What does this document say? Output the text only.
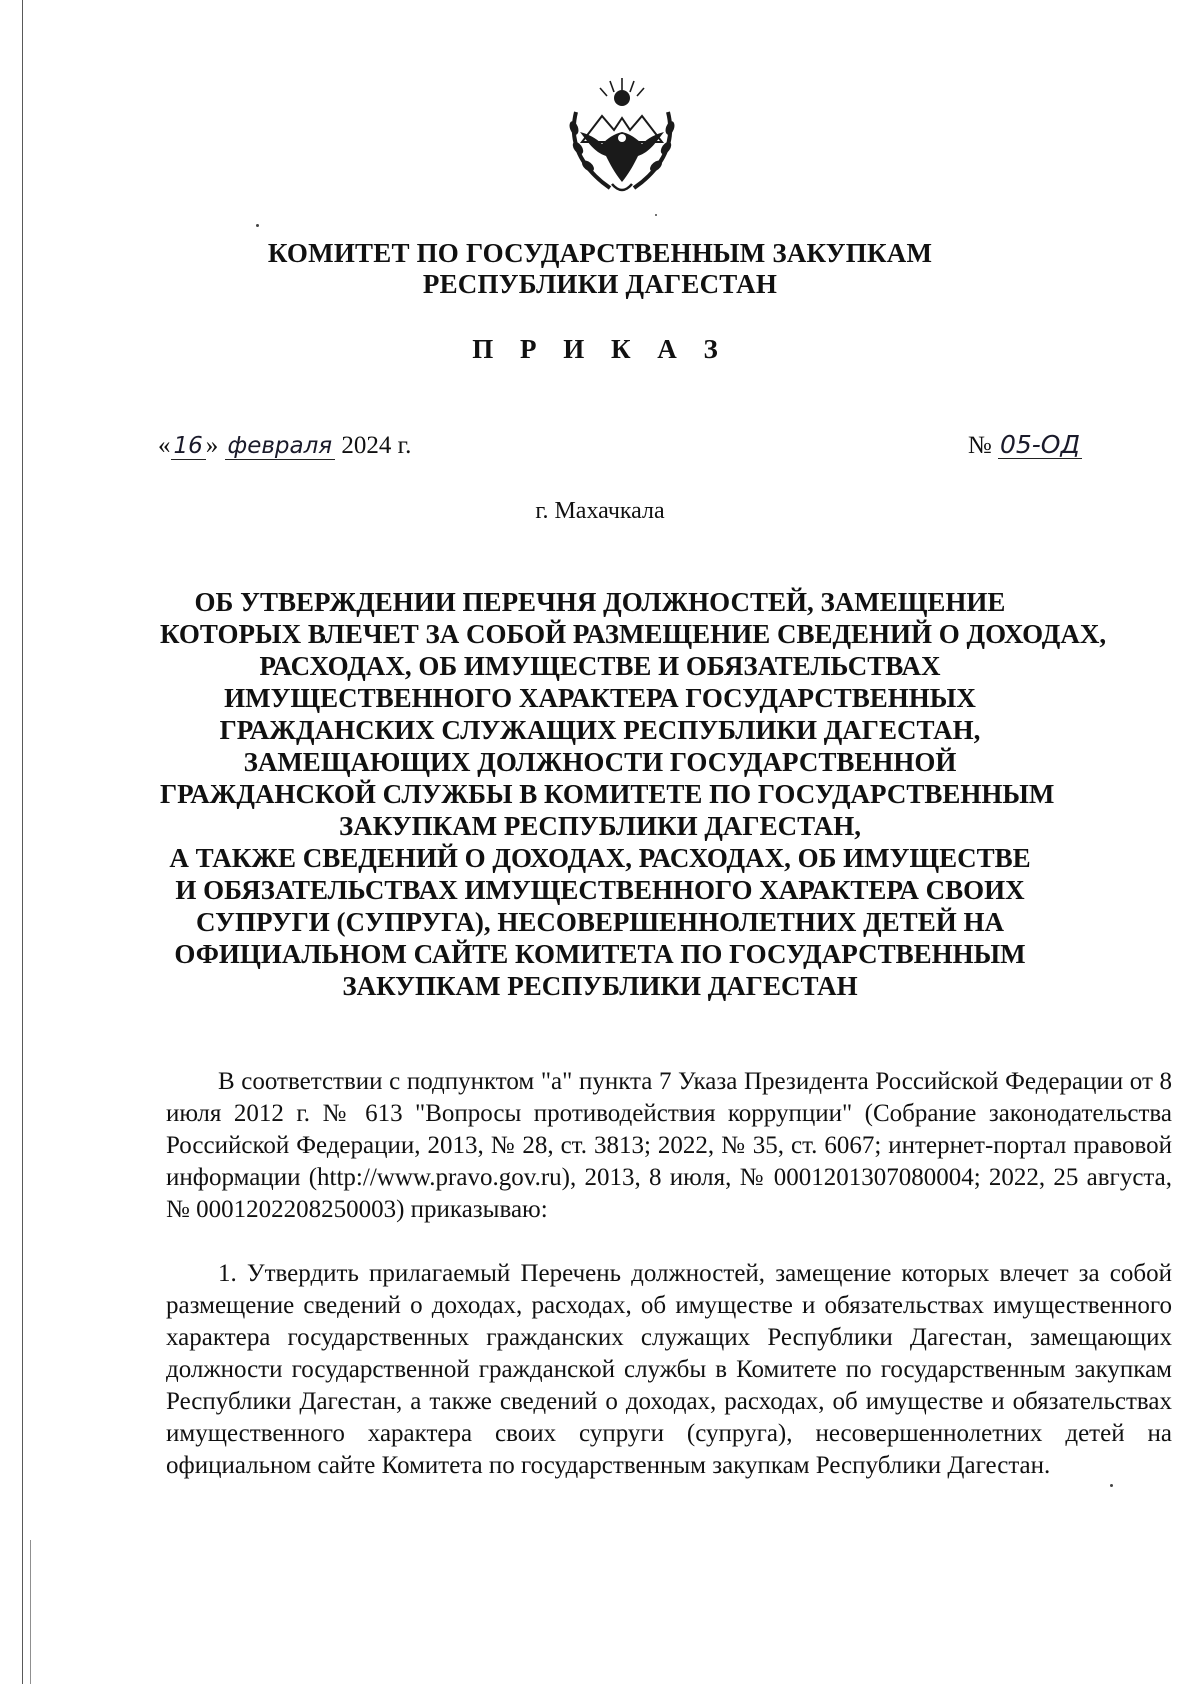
КОМИТЕТ ПО ГОСУДАРСТВЕННЫМ ЗАКУПКАМ
РЕСПУБЛИКИ ДАГЕСТАН
П Р И К А З
« 16 » февраля 2024 г.	№ 05-ОД
г. Махачкала
ОБ УТВЕРЖДЕНИИ ПЕРЕЧНЯ ДОЛЖНОСТЕЙ, ЗАМЕЩЕНИЕ
КОТОРЫХ ВЛЕЧЕТ ЗА СОБОЙ РАЗМЕЩЕНИЕ СВЕДЕНИЙ О ДОХОДАХ,
РАСХОДАХ, ОБ ИМУЩЕСТВЕ И ОБЯЗАТЕЛЬСТВАХ
ИМУЩЕСТВЕННОГО ХАРАКТЕРА ГОСУДАРСТВЕННЫХ
ГРАЖДАНСКИХ СЛУЖАЩИХ РЕСПУБЛИКИ ДАГЕСТАН,
ЗАМЕЩАЮЩИХ ДОЛЖНОСТИ ГОСУДАРСТВЕННОЙ
ГРАЖДАНСКОЙ СЛУЖБЫ В КОМИТЕТЕ ПО ГОСУДАРСТВЕННЫМ
ЗАКУПКАМ РЕСПУБЛИКИ ДАГЕСТАН,
А ТАКЖЕ СВЕДЕНИЙ О ДОХОДАХ, РАСХОДАХ, ОБ ИМУЩЕСТВЕ
И ОБЯЗАТЕЛЬСТВАХ ИМУЩЕСТВЕННОГО ХАРАКТЕРА СВОИХ
СУПРУГИ (СУПРУГА), НЕСОВЕРШЕННОЛЕТНИХ ДЕТЕЙ НА
ОФИЦИАЛЬНОМ САЙТЕ КОМИТЕТА ПО ГОСУДАРСТВЕННЫМ
ЗАКУПКАМ РЕСПУБЛИКИ ДАГЕСТАН
В соответствии с подпунктом "а" пункта 7 Указа Президента Российской Федерации от 8 июля 2012 г. № 613 "Вопросы противодействия коррупции" (Собрание законодательства Российской Федерации, 2013, № 28, ст. 3813; 2022, № 35, ст. 6067; интернет-портал правовой информации (http://www.pravo.gov.ru), 2013, 8 июля, № 0001201307080004; 2022, 25 августа, № 0001202208250003) приказываю:
1. Утвердить прилагаемый Перечень должностей, замещение которых влечет за собой размещение сведений о доходах, расходах, об имуществе и обязательствах имущественного характера государственных гражданских служащих Республики Дагестан, замещающих должности государственной гражданской службы в Комитете по государственным закупкам Республики Дагестан, а также сведений о доходах, расходах, об имуществе и обязательствах имущественного характера своих супруги (супруга), несовершеннолетних детей на официальном сайте Комитета по государственным закупкам Республики Дагестан.
